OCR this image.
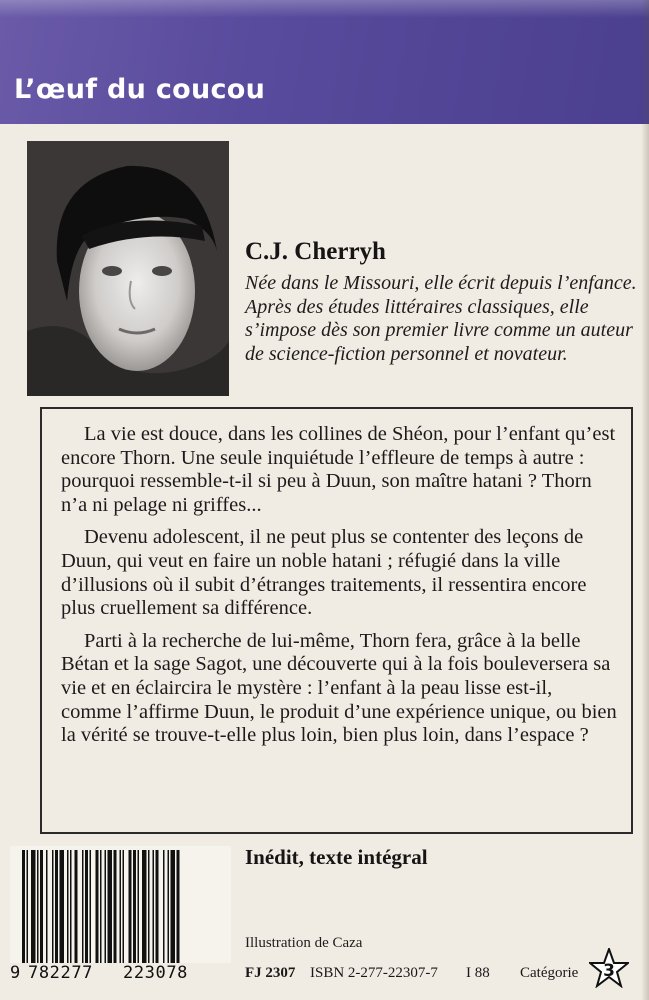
L’œuf du coucou
C.J. Cherryh
Née dans le Missouri, elle écrit depuis l’enfance. Après des études littéraires classiques, elle s’impose dès son premier livre comme un auteur de science-fiction personnel et novateur.

La vie est douce, dans les collines de Shéon, pour l’enfant qu’est encore Thorn. Une seule inquiétude l’effleure de temps à autre : pourquoi ressemble-t-il si peu à Duun, son maître hatani ? Thorn n’a ni pelage ni griffes...

Devenu adolescent, il ne peut plus se contenter des leçons de Duun, qui veut en faire un noble hatani ; réfugié dans la ville d’illusions où il subit d’étranges traitements, il ressentira encore plus cruellement sa différence.

Parti à la recherche de lui-même, Thorn fera, grâce à la belle Bétan et la sage Sagot, une découverte qui à la fois bouleversera sa vie et en éclaircira le mystère : l’enfant à la peau lisse est-il, comme l’affirme Duun, le produit d’une expérience unique, ou bien la vérité se trouve-t-elle plus loin, bien plus loin, dans l’espace ?

9 782277	223078
Inédit, texte intégral
Illustration de Caza
FJ 2307 ISBN 2-277-22307-7 I 88 Catégorie 3
